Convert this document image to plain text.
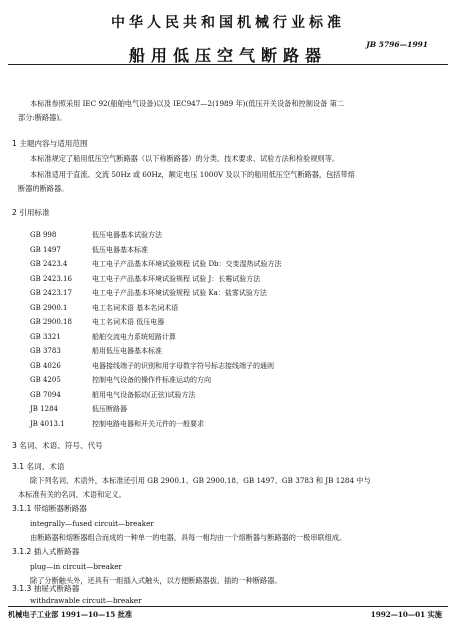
中华人民共和国机械行业标准
船用低压空气断路器
JB 5796—1991
本标准参照采用 IEC 92(船舶电气设备)以及 IEC947—2(1989 年)(低压开关设备和控制设备 第二
部分:断路器)。
1 主题内容与适用范围
本标准规定了船用低压空气断路器（以下称断路器）的分类、技术要求、试验方法和检验规则等。
本标准适用于直流、交流 50Hz 或 60Hz，额定电压 1000V 及以下的船用低压空气断路器，包括带熔
断器的断路器。
2 引用标准
GB 998	低压电器基本试验方法
GB 1497	低压电器基本标准
GB 2423.4	电工电子产品基本环境试验规程 试验 Db：交变湿热试验方法
GB 2423.16	电工电子产品基本环境试验规程 试验 J：长霉试验方法
GB 2423.17	电工电子产品基本环境试验规程 试验 Ka：盐雾试验方法
GB 2900.1	电工名词术语 基本名词术语
GB 2900.18	电工名词术语 低压电器
GB 3321	船舶交流电力系统短路计算
GB 3783	船用低压电器基本标准
GB 4026	电器接线端子的识别和用字母数字符号标志接线端子的通则
GB 4205	控制电气设备的操作件标准运动的方向
GB 7094	船用电气设备振动(正弦)试验方法
JB 1284	低压断路器
JB 4013.1	控制电路电器和开关元件的一般要求
3 名词、术语、符号、代号
3.1 名词、术语
除下列名词、术语外，本标准还引用 GB 2900.1、GB 2900.18、GB 1497、GB 3783 和 JB 1284 中与
本标准有关的名词、术语和定义。
3.1.1 带熔断器断路器
integrally—fused circuit—breaker
由断路器和熔断器组合而成的一种单一的电器，具每一相均由一个熔断器与断路器的一极串联组成。
3.1.2 插入式断路器
plug—in circuit—breaker
除了分断触头外，还具有一组插入式触头，以方便断路器拔、插的一种断路器。
3.1.3 抽屉式断路器
withdrawable circuit—breaker
机械电子工业部 1991—10—15 批准	1992—10—01 实施
